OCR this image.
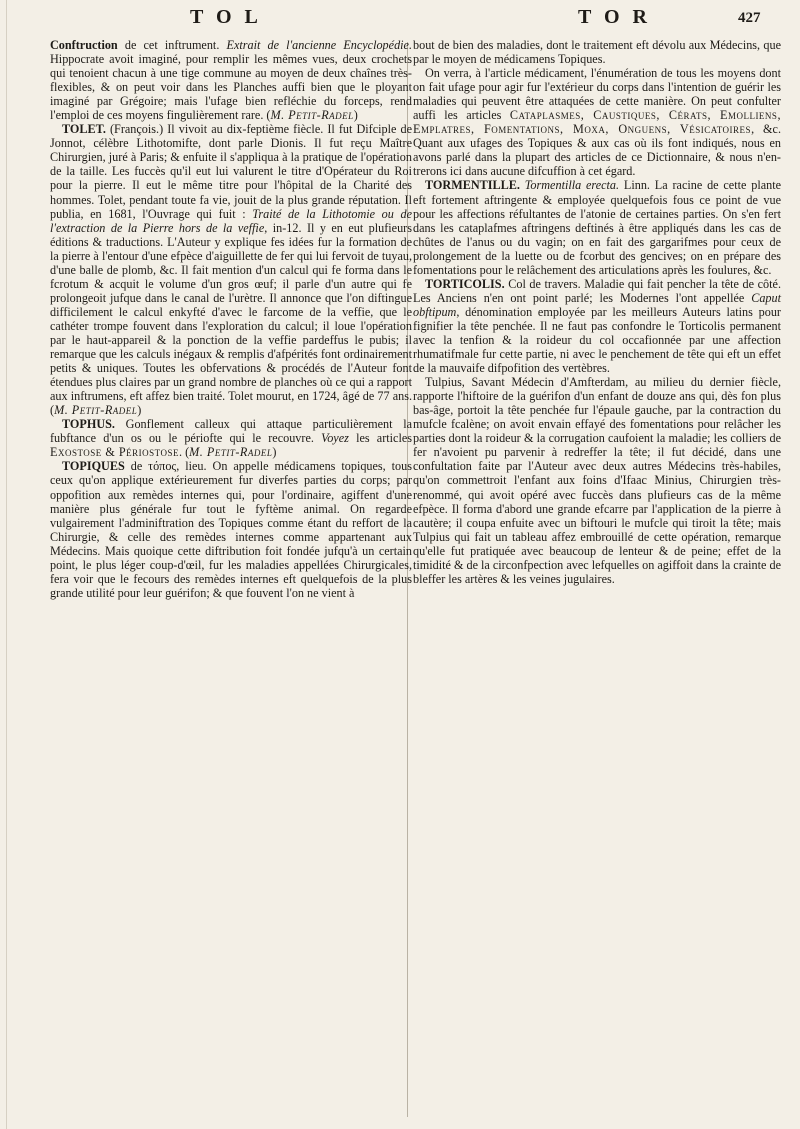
T O L	T O R	427

Conftruction de cet inftrument. Extrait de l'ancienne Encyclopédie. Hippocrate avoit imaginé, pour remplir les mêmes vues, deux crochets qui tenoient chacun à une tige commune au moyen de deux chaînes très-flexibles, & on peut voir dans les Planches auffi bien que le ployant imaginé par Grégoire; mais l'ufage bien refléchie du forceps, rend l'emploi de ces moyens fingulièrement rare. (M. Petit-Radel)

TOLET. (François.) Il vivoit au dix-feptième fiècle. Il fut Difciple de Jonnot, célèbre Lithotomifte, dont parle Dionis. Il fut reçu Maître Chirurgien, juré à Paris; & enfuite il s'appliqua à la pratique de l'opération de la taille. Les fuccès qu'il eut lui valurent le titre d'Opérateur du Roi pour la pierre. Il eut le même titre pour l'hôpital de la Charité des hommes. Tolet, pendant toute fa vie, jouit de la plus grande réputation. Il publia, en 1681, l'Ouvrage qui fuit : Traité de la Lithotomie ou de l'extraction de la Pierre hors de la veffie, in-12. Il y en eut plufieurs éditions & traductions. L'Auteur y explique fes idées fur la formation de la pierre à l'entour d'une efpèce d'aiguillette de fer qui lui fervoit de tuyau, d'une balle de plomb, &c. Il fait mention d'un calcul qui fe forma dans le fcrotum & acquit le volume d'un gros œuf; il parle d'un autre qui fe prolongeoit jufque dans le canal de l'urètre. Il annonce que l'on diftingue difficilement le calcul enkyfté d'avec le farcome de la veffie, que le cathéter trompe fouvent dans l'exploration du calcul; il loue l'opération par le haut-appareil & la ponction de la veffie pardeffus le pubis; il remarque que les calculs inégaux & remplis d'afpérités font ordinairement petits & uniques. Toutes les obfervations & procédés de l'Auteur font étendues plus claires par un grand nombre de planches où ce qui a rapport aux inftrumens, eft affez bien traité. Tolet mourut, en 1724, âgé de 77 ans. (M. Petit-Radel)

TOPHUS. Gonflement calleux qui attaque particulièrement la fubftance d'un os ou le périofte qui le recouvre. Voyez les articles Exostose & Périostose. (M. Petit-Radel)

TOPIQUES de τόπος, lieu. On appelle médicamens topiques, tous ceux qu'on applique extérieurement fur diverfes parties du corps; par oppofition aux remèdes internes qui, pour l'ordinaire, agiffent d'une manière plus générale fur tout le fyftème animal. On regarde vulgairement l'adminiftration des Topiques comme étant du reffort de la Chirurgie, & celle des remèdes internes comme appartenant aux Médecins. Mais quoique cette diftribution foit fondée jufqu'à un certain point, le plus léger coup-d'œil, fur les maladies appellées Chirurgicales, fera voir que le fecours des remèdes internes eft quelquefois de la plus grande utilité pour leur guérifon; & que fouvent l'on ne vient à

bout de bien des maladies, dont le traitement eft dévolu aux Médecins, que par le moyen de médicamens Topiques.

On verra, à l'article médicament, l'énumération de tous les moyens dont on fait ufage pour agir fur l'extérieur du corps dans l'intention de guérir les maladies qui peuvent être attaquées de cette manière. On peut confulter auffi les articles Cataplasmes, Caustiques, Cérats, Emolliens, Emplatres, Fomentations, Moxa, Onguens, Vésicatoires, &c. Quant aux ufages des Topiques & aux cas où ils font indiqués, nous en avons parlé dans la plupart des articles de ce Dictionnaire, & nous n'en-trerons ici dans aucune difcuffion à cet égard.

TORMENTILLE. Tormentilla erecta. Linn. La racine de cette plante eft fortement aftringente & employée quelquefois fous ce point de vue pour les affections réfultantes de l'atonie de certaines parties. On s'en fert dans les cataplafmes aftringens deftinés à être appliqués dans les cas de chûtes de l'anus ou du vagin; on en fait des gargarifmes pour ceux de prolongement de la luette ou de fcorbut des gencives; on en prépare des fomentations pour le relâchement des articulations après les foulures, &c.

TORTICOLIS. Col de travers. Maladie qui fait pencher la tête de côté. Les Anciens n'en ont point parlé; les Modernes l'ont appellée Caput obftipum, dénomination employée par les meilleurs Auteurs latins pour fignifier la tête penchée. Il ne faut pas confondre le Torticolis permanent avec la tenfion & la roideur du col occafionnée par une affection rhumatifmale fur cette partie, ni avec le penchement de tête qui eft un effet de la mauvaife difpofition des vertèbres.

Tulpius, Savant Médecin d'Amfterdam, au milieu du dernier fiècle, rapporte l'hiftoire de la guérifon d'un enfant de douze ans qui, dès fon plus bas-âge, portoit la tête penchée fur l'épaule gauche, par la contraction du mufcle fcalène; on avoit envain effayé des fomentations pour relâcher les parties dont la roideur & la corrugation caufoient la maladie; les colliers de fer n'avoient pu parvenir à redreffer la tête; il fut décidé, dans une confultation faite par l'Auteur avec deux autres Médecins très-habiles, qu'on commettroit l'enfant aux foins d'Ifaac Minius, Chirurgien très-renommé, qui avoit opéré avec fuccès dans plufieurs cas de la même efpèce. Il forma d'abord une grande efcarre par l'application de la pierre à cautère; il coupa enfuite avec un biftouri le mufcle qui tiroit la tête; mais Tulpius qui fait un tableau affez embrouillé de cette opération, remarque qu'elle fut pratiquée avec beaucoup de lenteur & de peine; effet de la timidité & de la circonfpection avec lefquelles on agiffoit dans la crainte de bleffer les artères & les veines jugulaires.
